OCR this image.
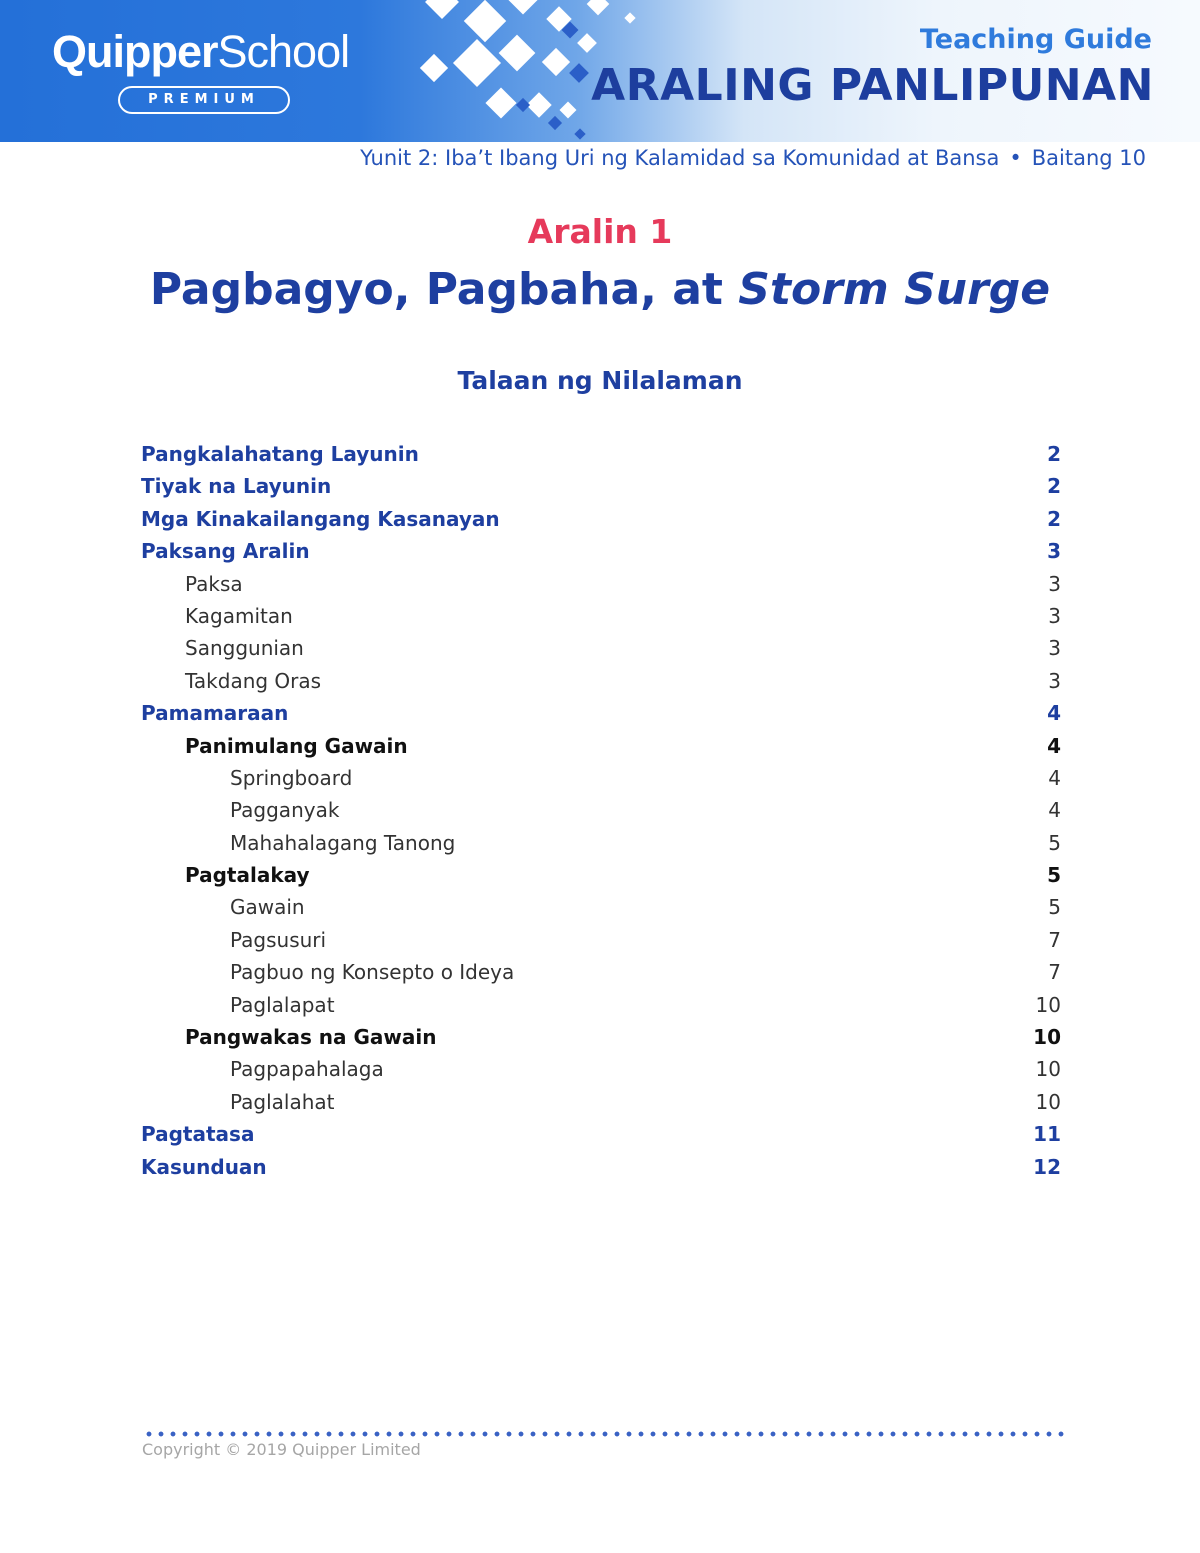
QuipperSchool
PREMIUM
Teaching Guide
ARALING PANLIPUNAN
Yunit 2: Iba’t Ibang Uri ng Kalamidad sa Komunidad at Bansa • Baitang 10
Aralin 1
Pagbagyo, Pagbaha, at Storm Surge
Talaan ng Nilalaman
Pangkalahatang Layunin	2
Tiyak na Layunin	2
Mga Kinakailangang Kasanayan	2
Paksang Aralin	3
Paksa	3
Kagamitan	3
Sanggunian	3
Takdang Oras	3
Pamamaraan	4
Panimulang Gawain	4
Springboard	4
Pagganyak	4
Mahahalagang Tanong	5
Pagtalakay	5
Gawain	5
Pagsusuri	7
Pagbuo ng Konsepto o Ideya	7
Paglalapat	10
Pangwakas na Gawain	10
Pagpapahalaga	10
Paglalahat	10
Pagtatasa	11
Kasunduan	12
Copyright © 2019 Quipper Limited
